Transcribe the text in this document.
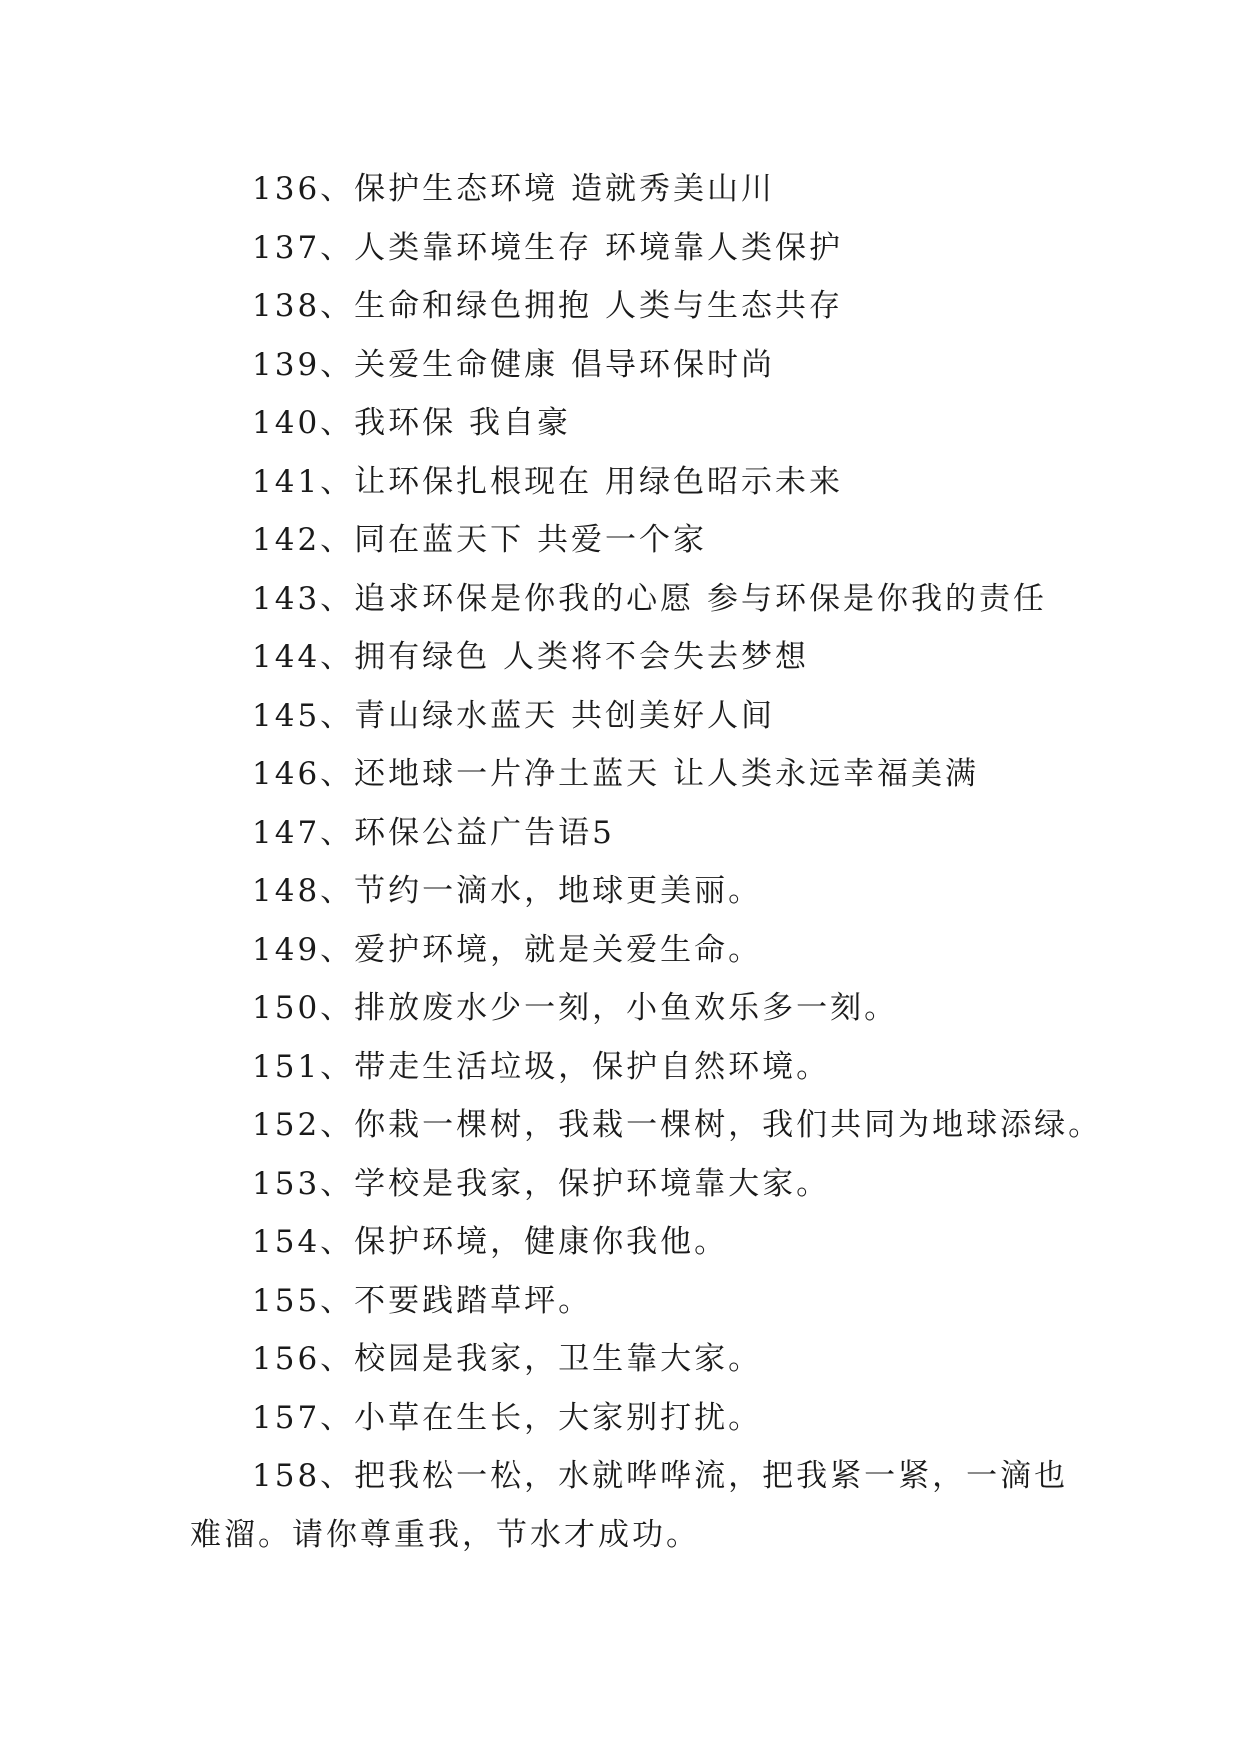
136、保护生态环境 造就秀美山川
137、人类靠环境生存 环境靠人类保护
138、生命和绿色拥抱 人类与生态共存
139、关爱生命健康 倡导环保时尚
140、我环保 我自豪
141、让环保扎根现在 用绿色昭示未来
142、同在蓝天下 共爱一个家
143、追求环保是你我的心愿 参与环保是你我的责任
144、拥有绿色 人类将不会失去梦想
145、青山绿水蓝天 共创美好人间
146、还地球一片净土蓝天 让人类永远幸福美满
147、环保公益广告语5
148、节约一滴水，地球更美丽。
149、爱护环境，就是关爱生命。
150、排放废水少一刻，小鱼欢乐多一刻。
151、带走生活垃圾，保护自然环境。
152、你栽一棵树，我栽一棵树，我们共同为地球添绿。
153、学校是我家，保护环境靠大家。
154、保护环境，健康你我他。
155、不要践踏草坪。
156、校园是我家，卫生靠大家。
157、小草在生长，大家别打扰。
158、把我松一松，水就哗哗流，把我紧一紧，一滴也难溜。请你尊重我，节水才成功。
